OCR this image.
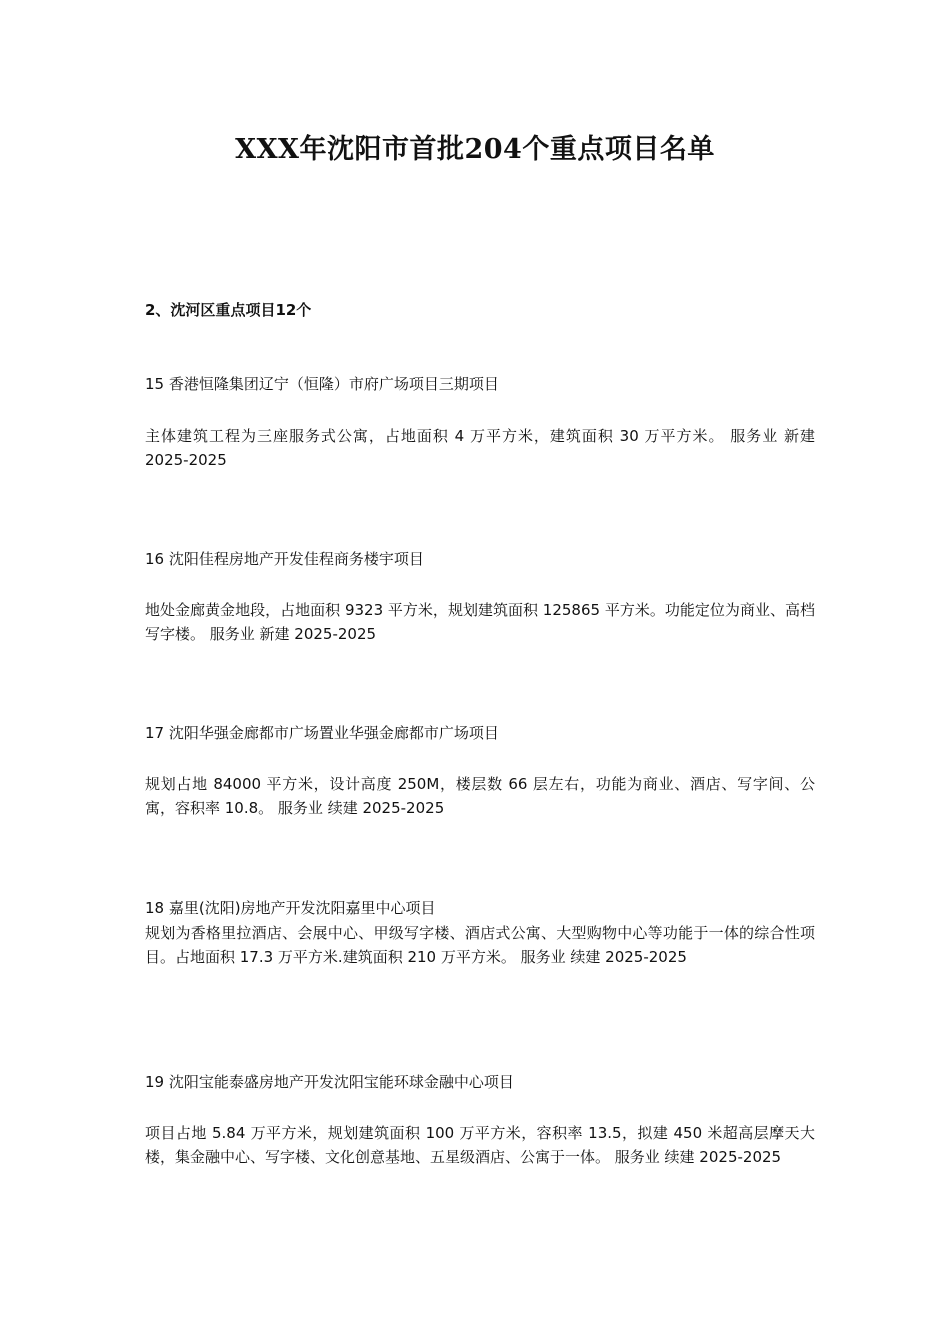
XXX年沈阳市首批204个重点项目名单
2、沈河区重点项目12个
15 香港恒隆集团辽宁（恒隆）市府广场项目三期项目
主体建筑工程为三座服务式公寓，占地面积 4 万平方米，建筑面积 30 万平方米。 服务业 新建 2025-2025
16 沈阳佳程房地产开发佳程商务楼宇项目
地处金廊黄金地段，占地面积 9323 平方米，规划建筑面积 125865 平方米。功能定位为商业、高档写字楼。 服务业 新建 2025-2025
17 沈阳华强金廊都市广场置业华强金廊都市广场项目
规划占地 84000 平方米，设计高度 250M，楼层数 66 层左右，功能为商业、酒店、写字间、公寓，容积率 10.8。 服务业 续建 2025-2025
18 嘉里(沈阳)房地产开发沈阳嘉里中心项目
规划为香格里拉酒店、会展中心、甲级写字楼、酒店式公寓、大型购物中心等功能于一体的综合性项目。占地面积 17.3 万平方米.建筑面积 210 万平方米。 服务业 续建 2025-2025
19 沈阳宝能泰盛房地产开发沈阳宝能环球金融中心项目
项目占地 5.84 万平方米，规划建筑面积 100 万平方米，容积率 13.5，拟建 450 米超高层摩天大楼，集金融中心、写字楼、文化创意基地、五星级酒店、公寓于一体。 服务业 续建 2025-2025
